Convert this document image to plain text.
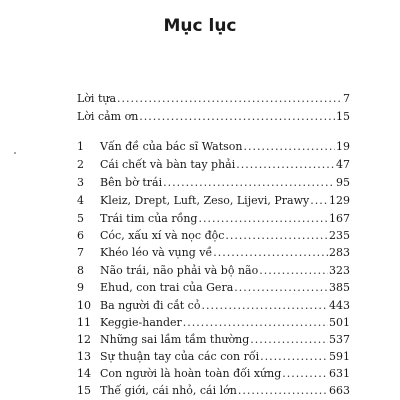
Mục lục
Lời tựa .....	7
Lời cảm ơn .....	15
1	Vấn đề của bác sĩ Watson .....	19
2	Cái chết và bàn tay phải .....	47
3	Bên bờ trái .....	95
4	Kleiz, Drept, Luft, Zeso, Lijevi, Prawy ..... 129
5	Trái tim của rồng .....	167
6	Cóc, xấu xí và nọc độc .....	235
7	Khéo léo và vụng về .....	283
8	Não trái, não phải và bộ não .....	323
9	Ehud, con trai của Gera .....	385
10 Ba người đi cắt cỏ .....	443
11 Keggie-hander .....	501
12 Những sai lầm tầm thường .....	537
13 Sự thuận tay của các con rối .....	591
14 Con người là hoàn toàn đối xứng .....	631
15 Thế giới, cái nhỏ, cái lớn .....	663
